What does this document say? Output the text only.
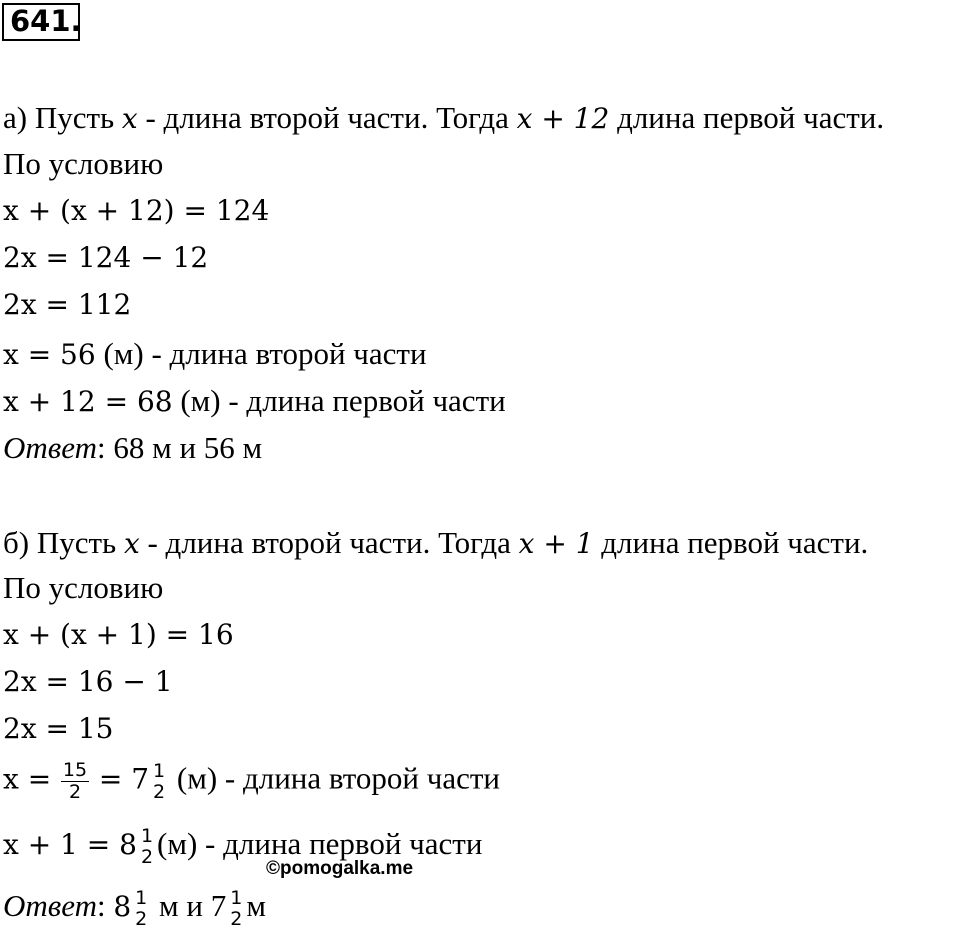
641.
а) Пусть x - длина второй части. Тогда x + 12 длина первой части.
По условию
x + (x + 12) = 124
2x = 124 − 12
2x = 112
x = 56 (м) - длина второй части
x + 12 = 68 (м) - длина первой части
Ответ: 68 м и 56 м
б) Пусть x - длина второй части. Тогда x + 1 длина первой части.
По условию
x + (x + 1) = 16
2x = 16 − 1
2x = 15
$x = \frac{15}{2} = 7$ 1
2 (м) - длина второй части
x + 1 = 8 1
2 (м) - длина первой части
Ответ: 8 1
2 м и 7 1
2 м
©pomogalka.me
